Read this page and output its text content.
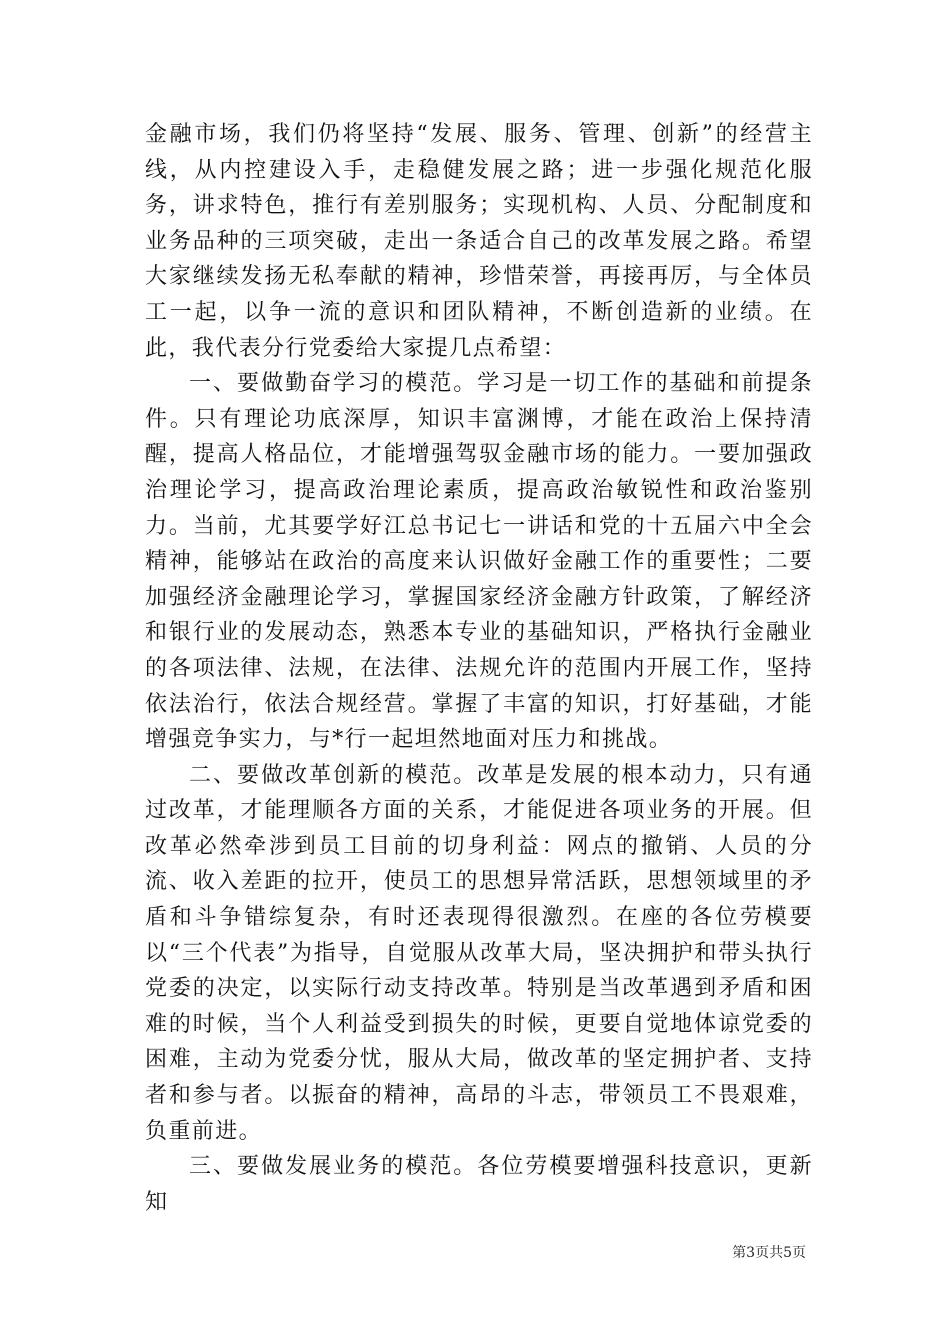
金融市场，我们仍将坚持“发展、服务、管理、创新”的经营主线，从内控建设入手，走稳健发展之路；进一步强化规范化服务，讲求特色，推行有差别服务；实现机构、人员、分配制度和业务品种的三项突破，走出一条适合自己的改革发展之路。希望大家继续发扬无私奉献的精神，珍惜荣誉，再接再厉，与全体员工一起，以争一流的意识和团队精神，不断创造新的业绩。在此，我代表分行党委给大家提几点希望：

一、要做勤奋学习的模范。学习是一切工作的基础和前提条件。只有理论功底深厚，知识丰富渊博，才能在政治上保持清醒，提高人格品位，才能增强驾驭金融市场的能力。一要加强政治理论学习，提高政治理论素质，提高政治敏锐性和政治鉴别力。当前，尤其要学好江总书记七一讲话和党的十五届六中全会精神，能够站在政治的高度来认识做好金融工作的重要性；二要加强经济金融理论学习，掌握国家经济金融方针政策，了解经济和银行业的发展动态，熟悉本专业的基础知识，严格执行金融业的各项法律、法规，在法律、法规允许的范围内开展工作，坚持依法治行，依法合规经营。掌握了丰富的知识，打好基础，才能增强竞争实力，与*行一起坦然地面对压力和挑战。

二、要做改革创新的模范。改革是发展的根本动力，只有通过改革，才能理顺各方面的关系，才能促进各项业务的开展。但改革必然牵涉到员工目前的切身利益：网点的撤销、人员的分流、收入差距的拉开，使员工的思想异常活跃，思想领域里的矛盾和斗争错综复杂，有时还表现得很激烈。在座的各位劳模要以“三个代表”为指导，自觉服从改革大局，坚决拥护和带头执行党委的决定，以实际行动支持改革。特别是当改革遇到矛盾和困难的时候，当个人利益受到损失的时候，更要自觉地体谅党委的困难，主动为党委分忧，服从大局，做改革的坚定拥护者、支持者和参与者。以振奋的精神，高昂的斗志，带领员工不畏艰难，负重前进。

三、要做发展业务的模范。各位劳模要增强科技意识，更新知

第3页共5页
